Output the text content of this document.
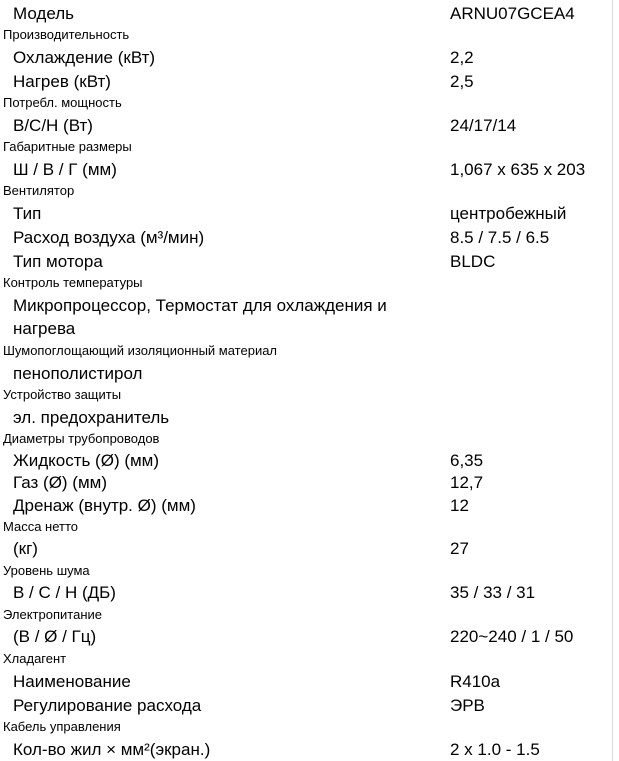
Модель	ARNU07GCEA4
Производительность
Охлаждение (кВт)	2,2
Нагрев (кВт)	2,5
Потребл. мощность
В/С/Н (Вт)	24/17/14
Габаритные размеры
Ш / В / Г (мм)	1,067 x 635 x 203
Вентилятор
Тип	центробежный
Расход воздуха (м³/мин)	8.5 / 7.5 / 6.5
Тип мотора	BLDC
Контроль температуры
Микропроцессор, Термостат для охлаждения и нагрева
Шумопоглощающий изоляционный материал
пенополистирол
Устройство защиты
эл. предохранитель
Диаметры трубопроводов
Жидкость (Ø) (мм)	6,35
Газ (Ø) (мм)	12,7
Дренаж (внутр. Ø) (мм)	12
Масса нетто
(кг)	27
Уровень шума
В / С / Н (ДБ)	35 / 33 / 31
Электропитание
(В / Ø / Гц)	220~240 / 1 / 50
Хладагент
Наименование	R410a
Регулирование расхода	ЭРВ
Кабель управления
Кол-во жил × мм²(экран.)	2 x 1.0 - 1.5
